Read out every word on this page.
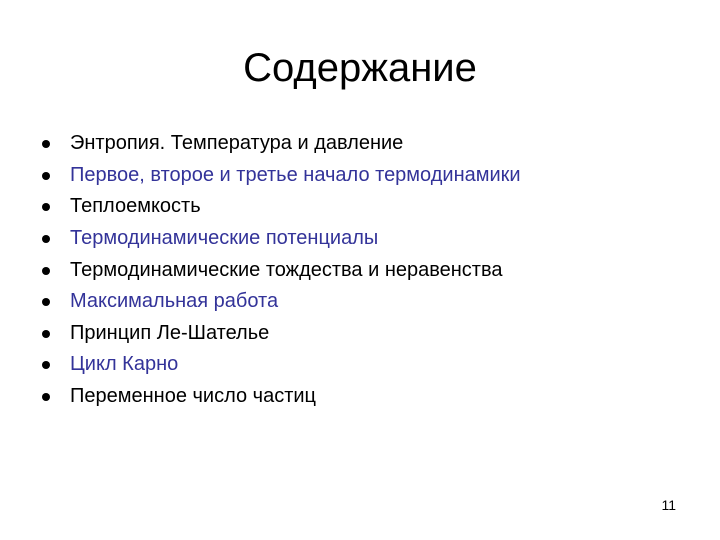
Содержание
Энтропия. Температура и давление
Первое, второе и третье начало термодинамики
Теплоемкость
Термодинамические потенциалы
Термодинамические тождества и неравенства
Максимальная работа
Принцип Ле-Шателье
Цикл Карно
Переменное число частиц
11
